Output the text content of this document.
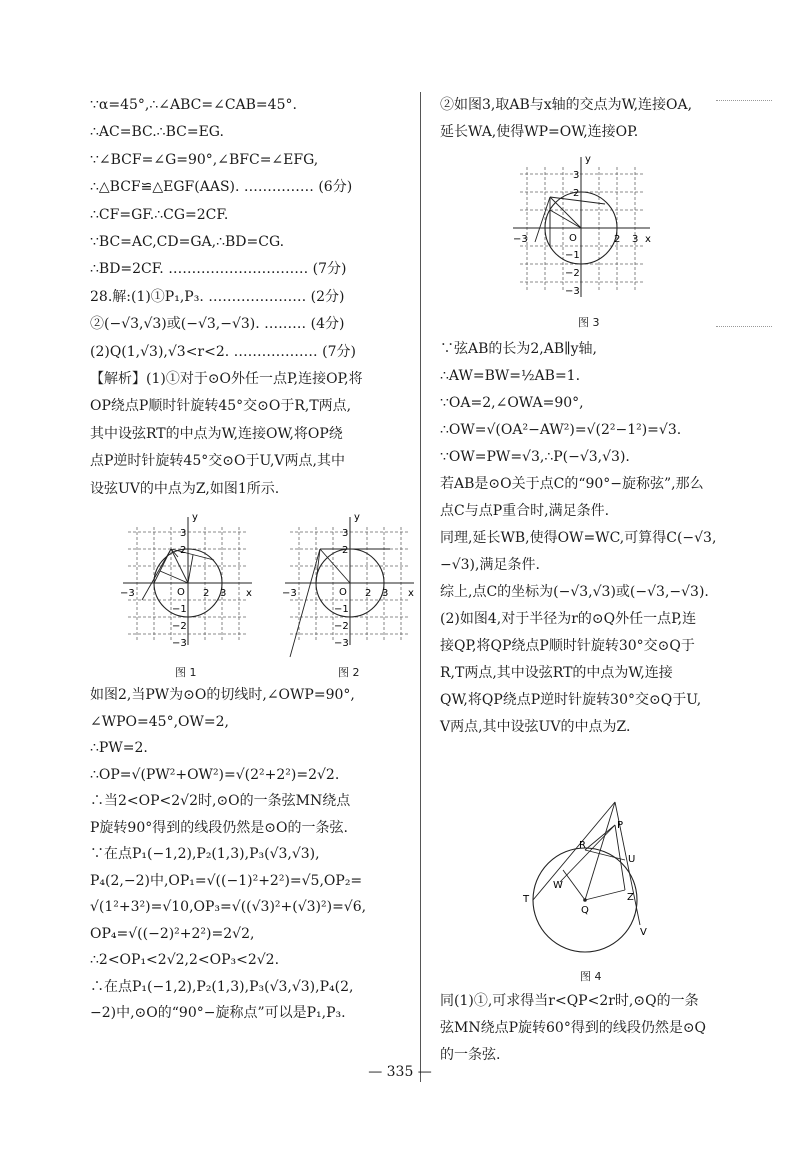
∵α=45°,∴∠ABC=∠CAB=45°.
∴AC=BC.∴BC=EG.
∵∠BCF=∠G=90°,∠BFC=∠EFG,
∴△BCF≌△EGF(AAS). …………… (6分)
∴CF=GF.∴CG=2CF.
∵BC=AC,CD=GA,∴BD=CG.
∴BD=2CF. ………………………… (7分)
28.解:(1)①P₁,P₃. ………………… (2分)
②(−√3,√3)或(−√3,−√3). ……… (4分)
(2)Q(1,√3),√3<r<2. ……………… (7分)
【解析】(1)①对于⊙O外任一点P,连接OP,将
OP绕点P顺时针旋转45°交⊙O于R,T两点,
其中设弦RT的中点为W,连接OW,将OP绕
点P逆时针旋转45°交⊙O于U,V两点,其中
设弦UV的中点为Z,如图1所示.
如图2,当PW为⊙O的切线时,∠OWP=90°,
∠WPO=45°,OW=2,
∴PW=2.
∴OP=√(PW²+OW²)=√(2²+2²)=2√2.
∴当2<OP<2√2时,⊙O的一条弦MN绕点
P旋转90°得到的线段仍然是⊙O的一条弦.
∵在点P₁(−1,2),P₂(1,3),P₃(√3,√3),
P₄(2,−2)中,OP₁=√((−1)²+2²)=√5,OP₂=
√(1²+3²)=√10,OP₃=√((√3)²+(√3)²)=√6,
OP₄=√((−2)²+2²)=2√2,
∴2<OP₁<2√2,2<OP₃<2√2.
∴在点P₁(−1,2),P₂(1,3),P₃(√3,√3),P₄(2,
−2)中,⊙O的“90°−旋称点”可以是P₁,P₃.
y
x
O
3
2
−1
−2
−3
3
2
−3
图 1
y
x
O
3
2
−1
−2
−3
3
2
−3
图 2
②如图3,取AB与x轴的交点为W,连接OA,
延长WA,使得WP=OW,连接OP.
y
x
O
3
2
−1
−2
−3
2 3
−3
图 3
∵弦AB的长为2,AB∥y轴,
∴AW=BW=½AB=1.
∵OA=2,∠OWA=90°,
∴OW=√(OA²−AW²)=√(2²−1²)=√3.
∵OW=PW=√3,∴P(−√3,√3).
若AB是⊙O关于点C的“90°−旋称弦”,那么
点C与点P重合时,满足条件.
同理,延长WB,使得OW=WC,可算得C(−√3,
−√3),满足条件.
综上,点C的坐标为(−√3,√3)或(−√3,−√3).
(2)如图4,对于半径为r的⊙Q外任一点P,连
接QP,将QP绕点P顺时针旋转30°交⊙Q于
R,T两点,其中设弦RT的中点为W,连接
QW,将QP绕点P逆时针旋转30°交⊙Q于U,
V两点,其中设弦UV的中点为Z.
P
R
U
W
T
Q
Z
V
图 4
同(1)①,可求得当r<QP<2r时,⊙Q的一条
弦MN绕点P旋转60°得到的线段仍然是⊙Q
的一条弦.
— 335 —
